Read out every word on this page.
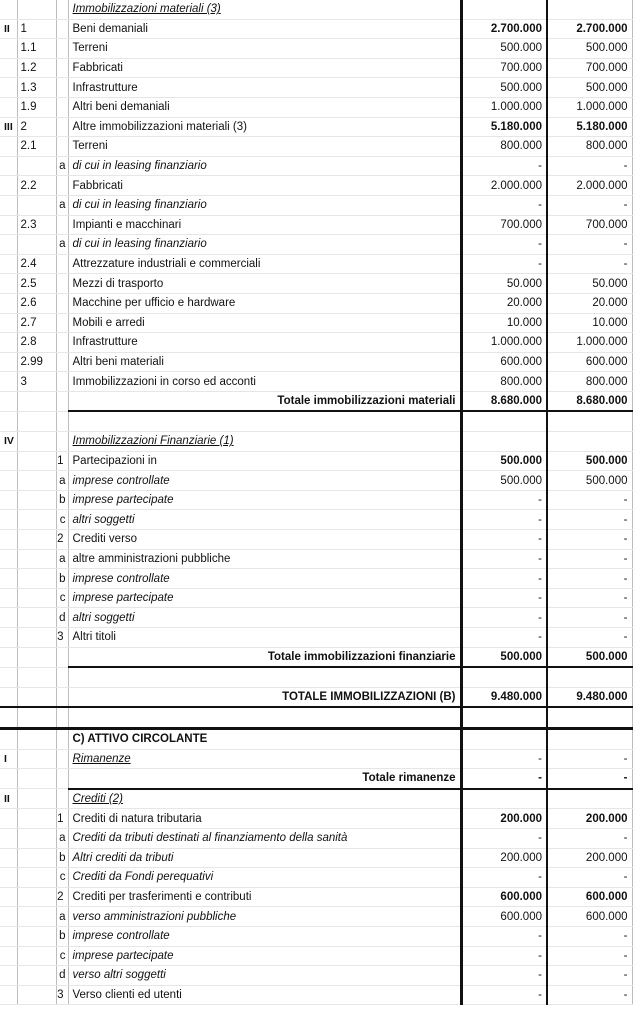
			Immobilizzazioni materiali (3)		
II	1		Beni demaniali	2.700.000	2.700.000
	1.1		Terreni	500.000	500.000
	1.2		Fabbricati	700.000	700.000
	1.3		Infrastrutture	500.000	500.000
	1.9		Altri beni demaniali	1.000.000	1.000.000
III	2		Altre immobilizzazioni materiali (3)	5.180.000	5.180.000
	2.1		Terreni	800.000	800.000
		a	di cui in leasing finanziario	-	-
	2.2		Fabbricati	2.000.000	2.000.000
		a	di cui in leasing finanziario	-	-
	2.3		Impianti e macchinari	700.000	700.000
		a	di cui in leasing finanziario	-	-
	2.4		Attrezzature industriali e commerciali	-	-
	2.5		Mezzi di trasporto	50.000	50.000
	2.6		Macchine per ufficio e hardware	20.000	20.000
	2.7		Mobili e arredi	10.000	10.000
	2.8		Infrastrutture	1.000.000	1.000.000
	2.99		Altri beni materiali	600.000	600.000
	3		Immobilizzazioni in corso ed acconti	800.000	800.000
			Totale immobilizzazioni materiali	8.680.000	8.680.000

IV			Immobilizzazioni Finanziarie (1)		
		1	Partecipazioni in	500.000	500.000
		a	imprese controllate	500.000	500.000
		b	imprese partecipate	-	-
		c	altri soggetti	-	-
		2	Crediti verso	-	-
		a	altre amministrazioni pubbliche	-	-
		b	imprese controllate	-	-
		c	imprese partecipate	-	-
		d	altri soggetti	-	-
		3	Altri titoli	-	-
			Totale immobilizzazioni finanziarie	500.000	500.000

			TOTALE IMMOBILIZZAZIONI (B)	9.480.000	9.480.000

			C) ATTIVO CIRCOLANTE		
I			Rimanenze	-	-
			Totale rimanenze	-	-
II			Crediti (2)		
		1	Crediti di natura tributaria	200.000	200.000
		a	Crediti da tributi destinati al finanziamento della sanità	-	-
		b	Altri crediti da tributi	200.000	200.000
		c	Crediti da Fondi perequativi	-	-
		2	Crediti per trasferimenti e contributi	600.000	600.000
		a	verso amministrazioni pubbliche	600.000	600.000
		b	imprese controllate	-	-
		c	imprese partecipate	-	-
		d	verso altri soggetti	-	-
		3	Verso clienti ed utenti	-	-
